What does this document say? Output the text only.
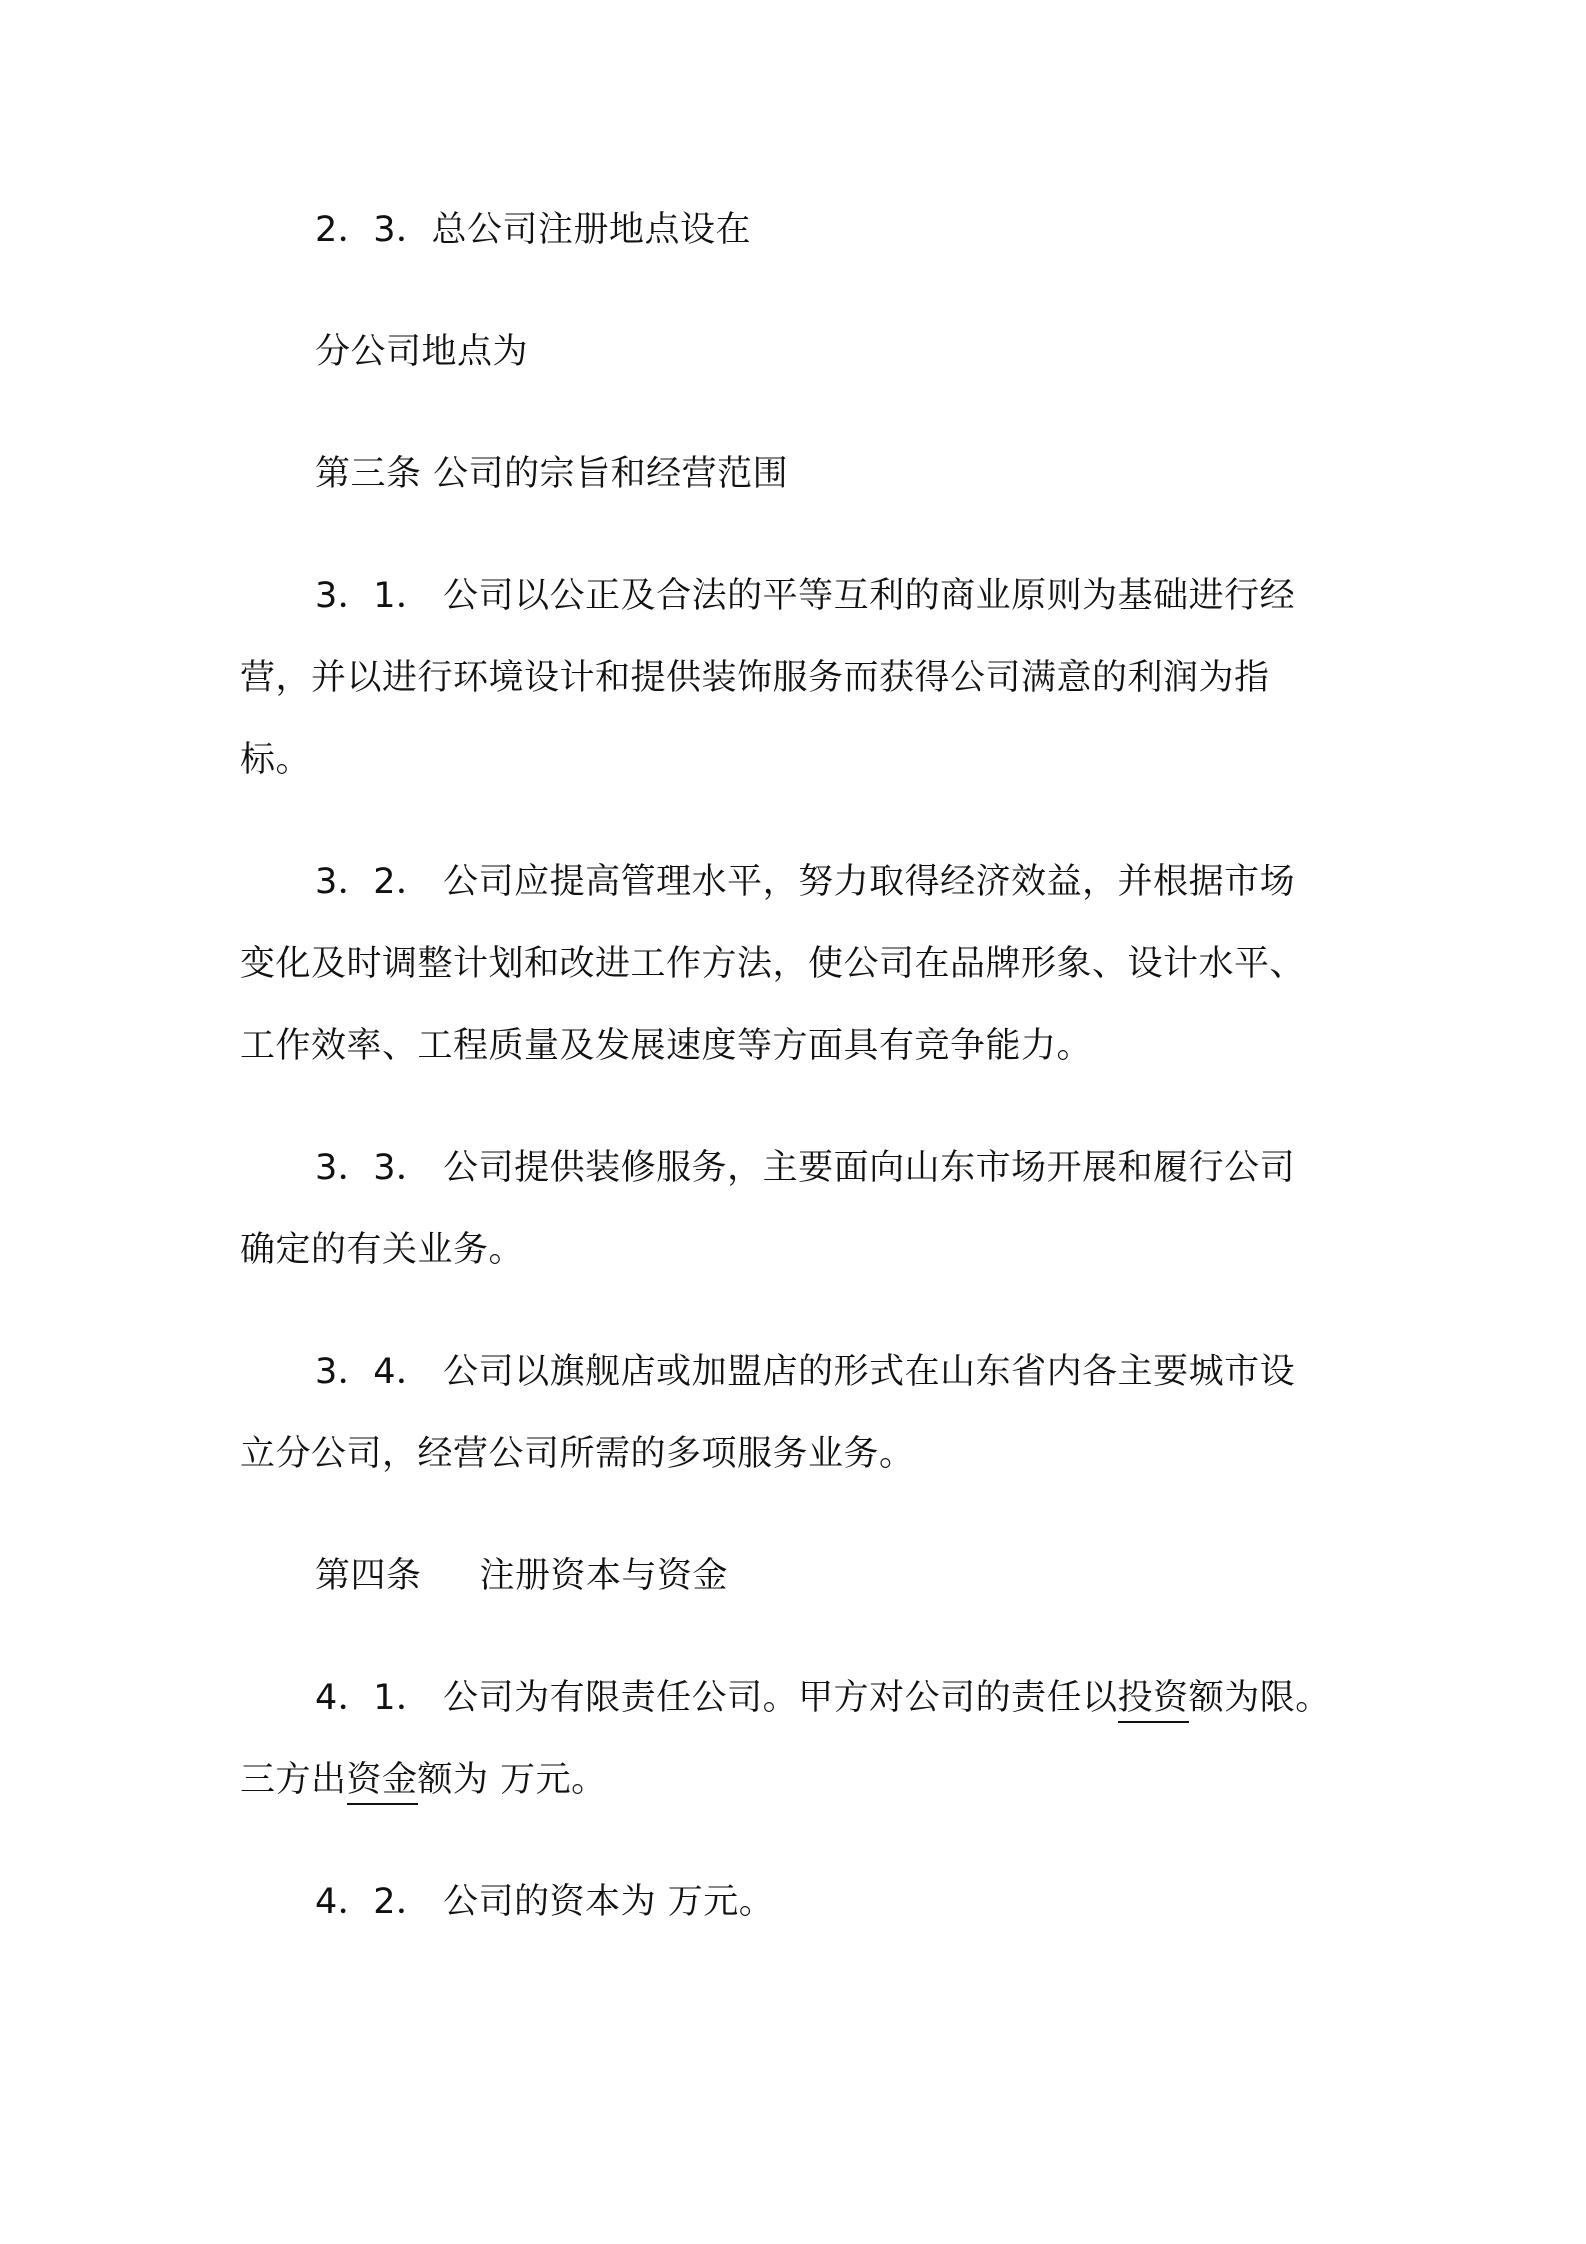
2．3．总公司注册地点设在
分公司地点为
第三条 公司的宗旨和经营范围
3．1． 公司以公正及合法的平等互利的商业原则为基础进行经
营，并以进行环境设计和提供装饰服务而获得公司满意的利润为指
标。
3．2． 公司应提高管理水平，努力取得经济效益，并根据市场
变化及时调整计划和改进工作方法，使公司在品牌形象、设计水平、
工作效率、工程质量及发展速度等方面具有竞争能力。
3．3． 公司提供装修服务，主要面向山东市场开展和履行公司
确定的有关业务。
3．4． 公司以旗舰店或加盟店的形式在山东省内各主要城市设
立分公司，经营公司所需的多项服务业务。
第四条 注册资本与资金
4．1． 公司为有限责任公司。甲方对公司的责任以投资额为限。
三方出资金额为 万元。
4．2． 公司的资本为 万元。
